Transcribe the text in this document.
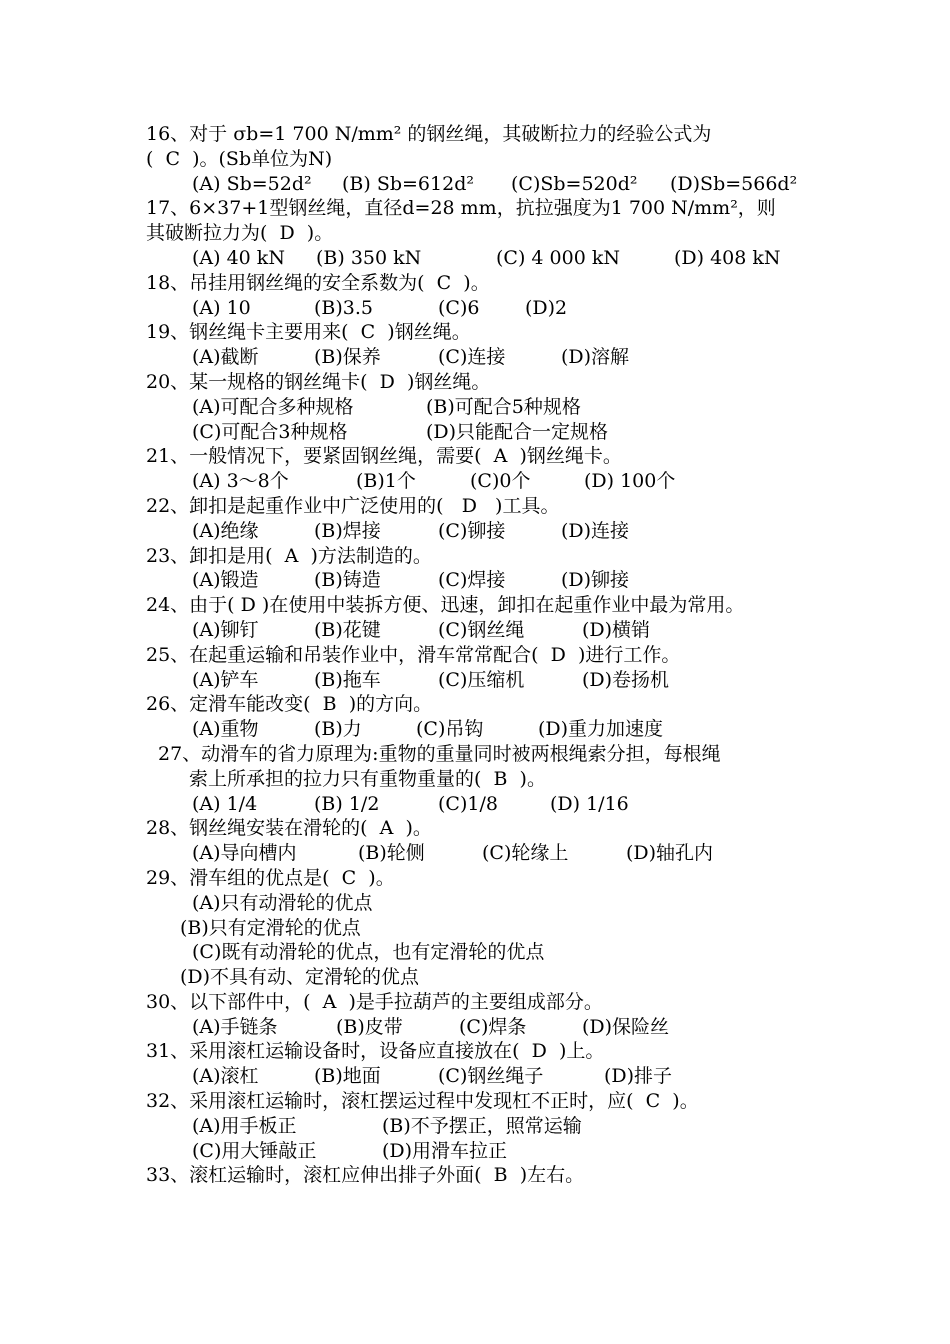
16、对于 σb=1 700 N/mm² 的钢丝绳，其破断拉力的经验公式为
(  C  )。(Sb单位为N)

(A) Sb=52d²

(B) Sb=612d²

(C)Sb=520d²

(D)Sb=566d²

17、6×37+1型钢丝绳，直径d=28 mm，抗拉强度为1 700 N/mm²，则
其破断拉力为(  D  )。

(A) 40 kN

(B) 350 kN

	(C) 4 000 kN

	(D) 408 kN

18、吊挂用钢丝绳的安全系数为(  C  )。

(A) 10

	(B)3.5

	(C)6

(D)2

19、钢丝绳卡主要用来(  C  )钢丝绳。

(A)截断

	(B)保养

	(C)连接

	(D)溶解

20、某一规格的钢丝绳卡(  D  )钢丝绳。

(A)可配合多种规格

	(B)可配合5种规格

(C)可配合3种规格

	(D)只能配合一定规格

21、一般情况下，要紧固钢丝绳，需要(  A  )钢丝绳卡。

(A) 3～8个

	(B)1个

	(C)0个

	(D) 100个

22、卸扣是起重作业中广泛使用的(   D   )工具。

(A)绝缘

	(B)焊接

	(C)铆接

	(D)连接

23、卸扣是用(  A  )方法制造的。

(A)锻造

	(B)铸造

	(C)焊接

	(D)铆接

24、由于( D )在使用中装拆方便、迅速，卸扣在起重作业中最为常用。

(A)铆钉

	(B)花键

	(C)钢丝绳

	(D)横销

25、在起重运输和吊装作业中，滑车常常配合(  D  )进行工作。

(A)铲车

	(B)拖车

	(C)压缩机

	(D)卷扬机

26、定滑车能改变(  B  )的方向。

(A)重物

	(B)力

	(C)吊钩

	(D)重力加速度

27、动滑车的省力原理为:重物的重量同时被两根绳索分担，每根绳
索上所承担的拉力只有重物重量的(  B  )。

(A) 1/4

	(B) 1/2

	(C)1/8

	(D) 1/16

28、钢丝绳安装在滑轮的(  A  )。

(A)导向槽内

	(B)轮侧

	(C)轮缘上

	(D)轴孔内

29、滑车组的优点是(  C  )。
(A)只有动滑轮的优点
(B)只有定滑轮的优点
(C)既有动滑轮的优点，也有定滑轮的优点
(D)不具有动、定滑轮的优点
30、以下部件中，(  A  )是手拉葫芦的主要组成部分。

(A)手链条

	(B)皮带

	(C)焊条

	(D)保险丝

31、采用滚杠运输设备时，设备应直接放在(  D  )上。

(A)滚杠

	(B)地面

	(C)钢丝绳子

	(D)排子

32、采用滚杠运输时，滚杠摆运过程中发现杠不正时，应(  C  )。

(A)用手板正

	(B)不予摆正，照常运输

(C)用大锤敲正

	(D)用滑车拉正

33、滚杠运输时，滚杠应伸出排子外面(  B  )左右。
